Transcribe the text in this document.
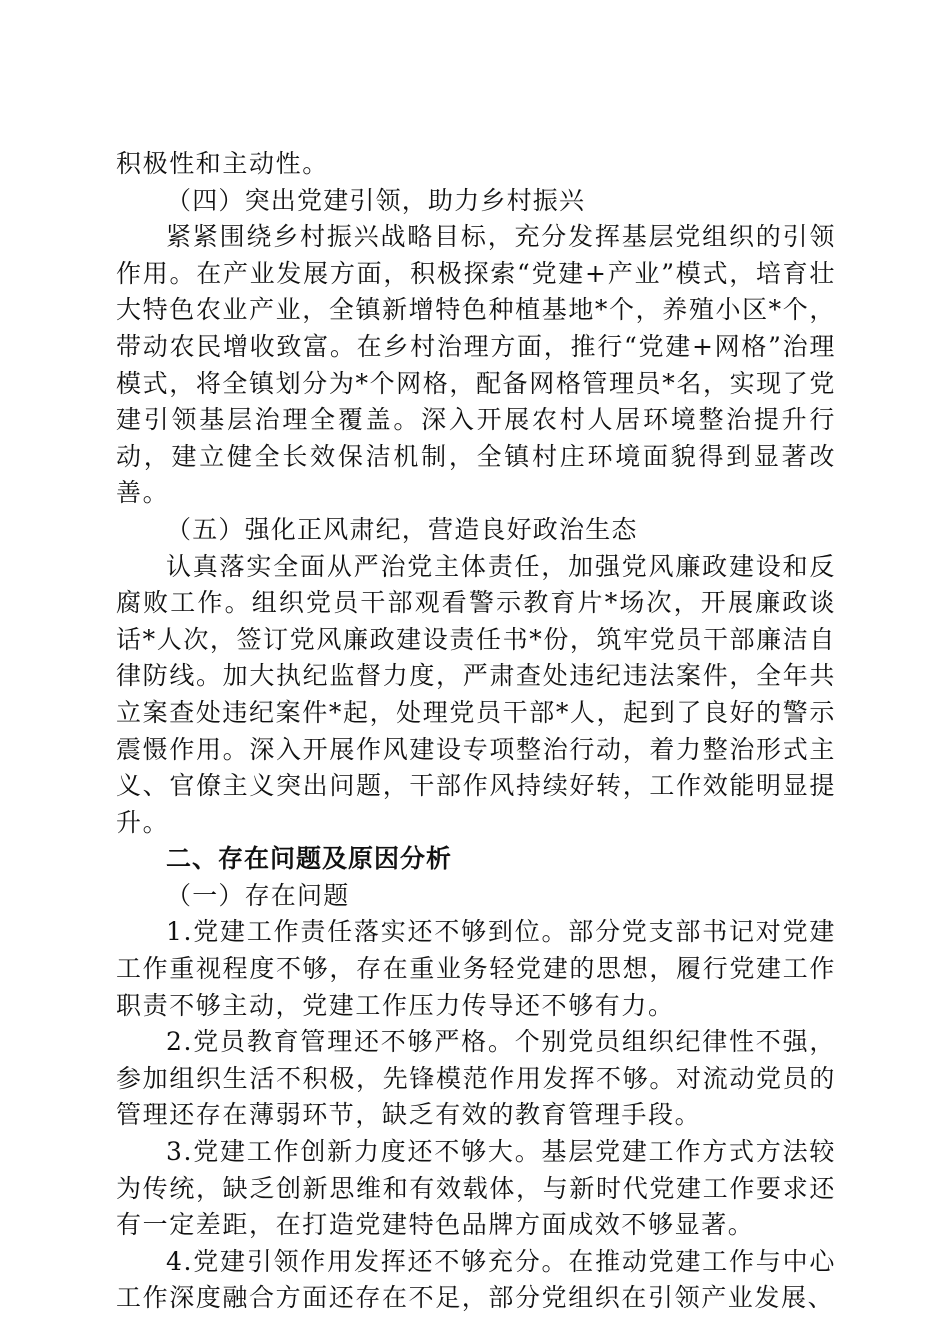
积极性和主动性。

（四）突出党建引领，助力乡村振兴

紧紧围绕乡村振兴战略目标，充分发挥基层党组织的引领作用。在产业发展方面，积极探索“党建+产业”模式，培育壮大特色农业产业，全镇新增特色种植基地*个，养殖小区*个，带动农民增收致富。在乡村治理方面，推行“党建+网格”治理模式，将全镇划分为*个网格，配备网格管理员*名，实现了党建引领基层治理全覆盖。深入开展农村人居环境整治提升行动，建立健全长效保洁机制，全镇村庄环境面貌得到显著改善。

（五）强化正风肃纪，营造良好政治生态

认真落实全面从严治党主体责任，加强党风廉政建设和反腐败工作。组织党员干部观看警示教育片*场次，开展廉政谈话*人次，签订党风廉政建设责任书*份，筑牢党员干部廉洁自律防线。加大执纪监督力度，严肃查处违纪违法案件，全年共立案查处违纪案件*起，处理党员干部*人，起到了良好的警示震慑作用。深入开展作风建设专项整治行动，着力整治形式主义、官僚主义突出问题，干部作风持续好转，工作效能明显提升。

二、存在问题及原因分析

（一）存在问题

1.党建工作责任落实还不够到位。部分党支部书记对党建工作重视程度不够，存在重业务轻党建的思想，履行党建工作职责不够主动，党建工作压力传导还不够有力。

2.党员教育管理还不够严格。个别党员组织纪律性不强，参加组织生活不积极，先锋模范作用发挥不够。对流动党员的管理还存在薄弱环节，缺乏有效的教育管理手段。

3.党建工作创新力度还不够大。基层党建工作方式方法较为传统，缺乏创新思维和有效载体，与新时代党建工作要求还有一定差距，在打造党建特色品牌方面成效不够显著。

4.党建引领作用发挥还不够充分。在推动党建工作与中心工作深度融合方面还存在不足，部分党组织在引领产业发展、
